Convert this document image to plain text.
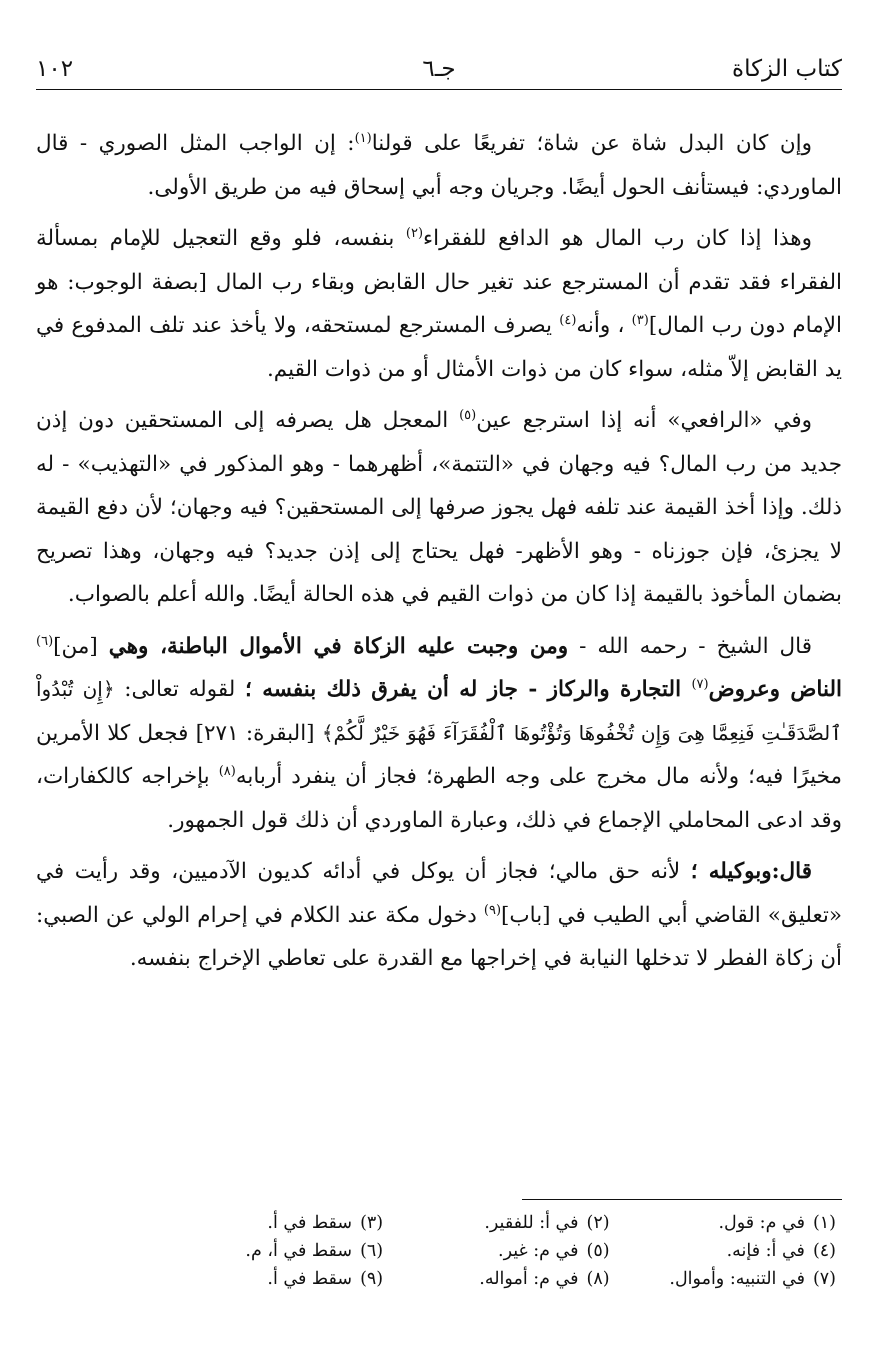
كتاب الزكاة
جـ٦
١٠٢

وإن كان البدل شاة عن شاة؛ تفريعًا على قولنا$^{(١)}$: إن الواجب المثل الصوري - قال الماوردي: فيستأنف الحول أيضًا. وجريان وجه أبي إسحاق فيه من طريق الأولى.

وهذا إذا كان رب المال هو الدافع للفقراء$^{(٢)}$ بنفسه، فلو وقع التعجيل للإمام بمسألة الفقراء فقد تقدم أن المسترجع عند تغير حال القابض وبقاء رب المال [بصفة الوجوب: هو الإمام دون رب المال]$^{(٣)}$ ، وأنه$^{(٤)}$ يصرف المسترجع لمستحقه، ولا يأخذ عند تلف المدفوع في يد القابض إلاّ مثله، سواء كان من ذوات الأمثال أو من ذوات القيم.

وفي «الرافعي» أنه إذا استرجع عين$^{(٥)}$ المعجل هل يصرفه إلى المستحقين دون إذن جديد من رب المال؟ فيه وجهان في «التتمة»، أظهرهما - وهو المذكور في «التهذيب» - له ذلك. وإذا أخذ القيمة عند تلفه فهل يجوز صرفها إلى المستحقين؟ فيه وجهان؛ لأن دفع القيمة لا يجزئ، فإن جوزناه - وهو الأظهر- فهل يحتاج إلى إذن جديد؟ فيه وجهان، وهذا تصريح بضمان المأخوذ بالقيمة إذا كان من ذوات القيم في هذه الحالة أيضًا. والله أعلم بالصواب.

قال الشيخ - رحمه الله - ومن وجبت عليه الزكاة في الأموال الباطنة، وهي [من]$^{(٦)}$ الناض وعروض$^{(٧)}$ التجارة والركاز - جاز له أن يفرق ذلك بنفسه ؛ لقوله تعالى: ﴿إِن تُبْدُواْ ٱلصَّدَقَـٰتِ فَنِعِمَّا هِىَ وَإِن تُخْفُوهَا وَتُؤْتُوهَا ٱلْفُقَرَآءَ فَهُوَ خَيْرٌ لَّكُمْ﴾ [البقرة: ٢٧١] فجعل كلا الأمرين مخيرًا فيه؛ ولأنه مال مخرج على وجه الطهرة؛ فجاز أن ينفرد أربابه$^{(٨)}$ بإخراجه كالكفارات، وقد ادعى المحاملي الإجماع في ذلك، وعبارة الماوردي أن ذلك قول الجمهور.

قال:وبوكيله ؛ لأنه حق مالي؛ فجاز أن يوكل في أدائه كديون الآدميين، وقد رأيت في «تعليق» القاضي أبي الطيب في [باب]$^{(٩)}$ دخول مكة عند الكلام في إحرام الولي عن الصبي: أن زكاة الفطر لا تدخلها النيابة في إخراجها مع القدرة على تعاطي الإخراج بنفسه.

(١)في م: قول.
(٢)في أ: للفقير.
(٣)سقط في أ.
(٤)في أ: فإنه.
(٥)في م: غير.
(٦)سقط في أ، م.
(٧)في التنبيه: وأموال.
(٨)في م: أمواله.
(٩)سقط في أ.
